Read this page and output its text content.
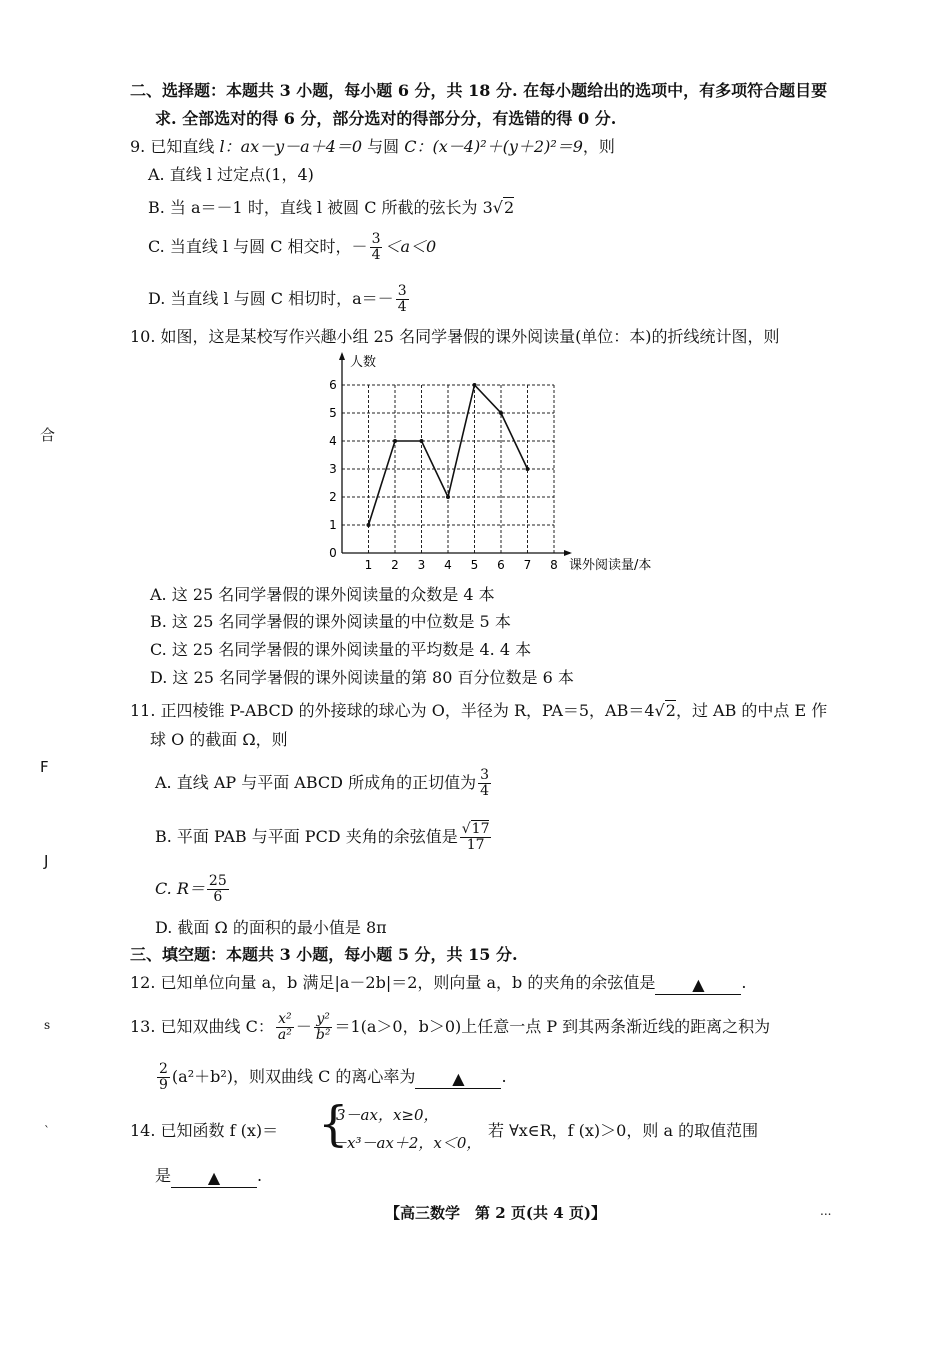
二、选择题：本题共 3 小题，每小题 6 分，共 18 分. 在每小题给出的选项中，有多项符合题目要
求. 全部选对的得 6 分，部分选对的得部分分，有选错的得 0 分.
9. 已知直线 l：ax－y－a＋4＝0 与圆 C：(x－4)²＋(y＋2)²＝9，则
A. 直线 l 过定点(1，4)
B. 当 a＝－1 时，直线 l 被圆 C 所截的弦长为 3√2
C. 当直线 l 与圆 C 相交时，－ $\frac{3}{4} <a<0$
D. 当直线 l 与圆 C 相切时，$a=- \frac{3}{4}$
10. 如图，这是某校写作兴趣小组 25 名同学暑假的课外阅读量(单位：本)的折线统计图，则
1 2 3 4 5 6 7 8
0
1
2
3
4
5
6
人数
课外阅读量/本
A. 这 25 名同学暑假的课外阅读量的众数是 4 本
B. 这 25 名同学暑假的课外阅读量的中位数是 5 本
C. 这 25 名同学暑假的课外阅读量的平均数是 4. 4 本
D. 这 25 名同学暑假的课外阅读量的第 80 百分位数是 6 本
11. 正四棱锥 P-ABCD 的外接球的球心为 O，半径为 R，PA＝5，AB＝4√2，过 AB 的中点 E 作
球 O 的截面 Ω，则
A. 直线 AP 与平面 ABCD 所成角的正切值为 $\frac{3}{4}$
B. 平面 PAB 与平面 PCD 夹角的余弦值是 $\frac{√17}{17}$
C. $R= \frac{25}{6}$
D. 截面 Ω 的面积的最小值是 8π
三、填空题：本题共 3 小题，每小题 5 分，共 15 分.
12. 已知单位向量 a，b 满足|a－2b|＝2，则向量 a，b 的夹角的余弦值是 ▲ .
13. 已知双曲线 C： $\frac{\text{x²}}{\text{a²}} - \frac{\text{y²}}{\text{b²}} =1(a>0$，b＞0)上任意一点 P 到其两条渐近线的距离之积为
$\frac{2}{9} (a^2+b^2)$，则双曲线 C 的离心率为 ▲ .
14. 已知函数 f (x)＝ {
3－ax，x≥0，
－x³－ax＋2，x＜0，
若 ∀x∈R，f (x)＞0，则 a 的取值范围
是 ▲ .
【高三数学　第 2 页(共 4 页)】
合
F
J
s
`
...
